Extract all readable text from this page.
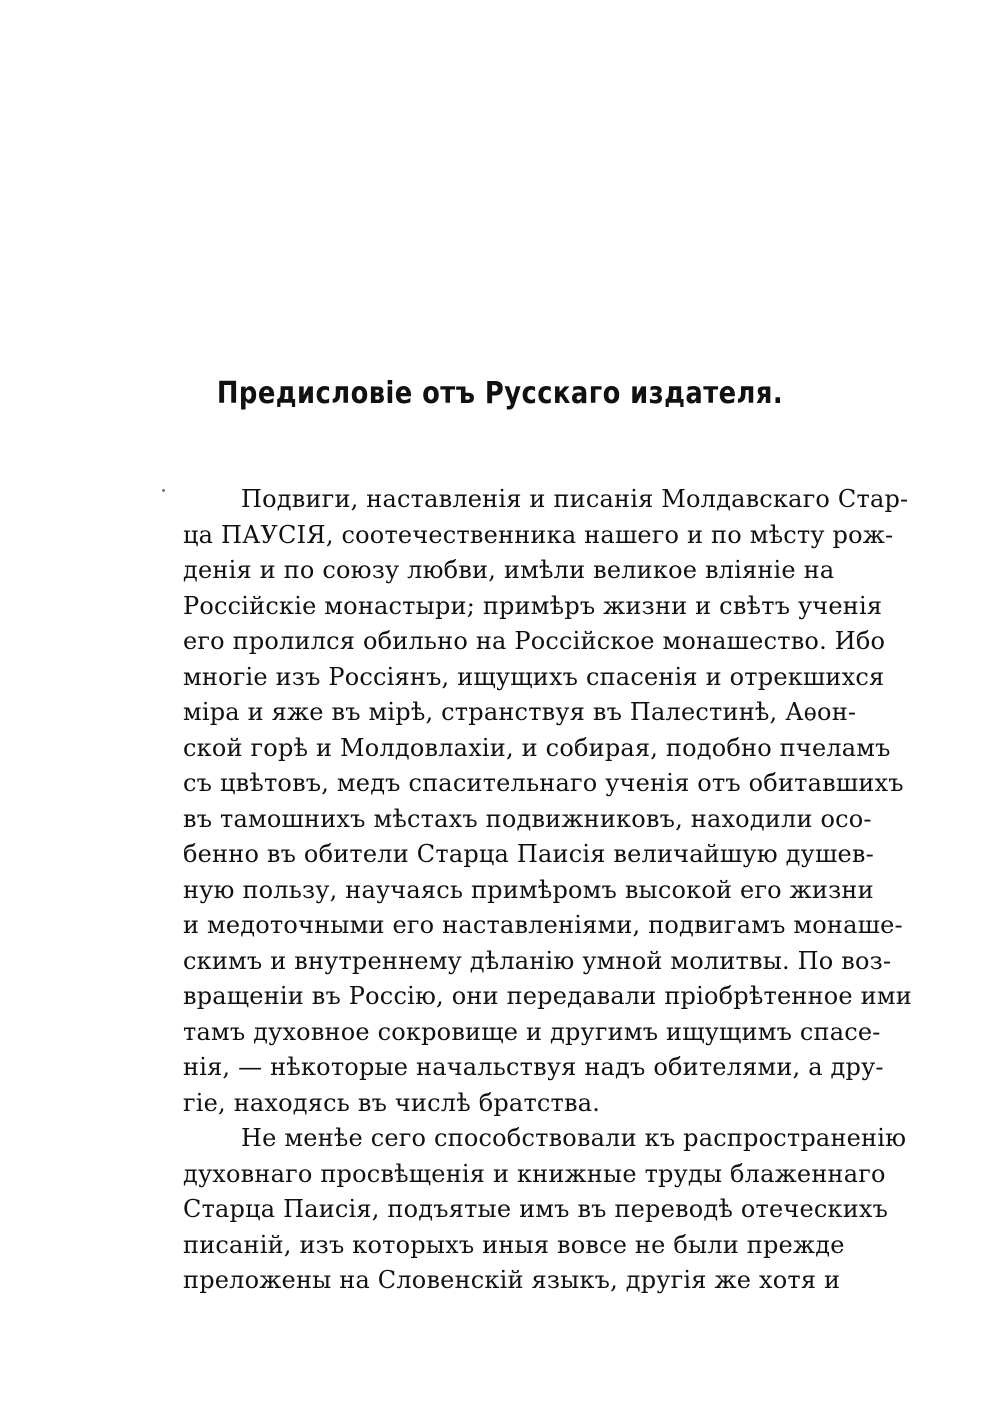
Предисловіе отъ Русскаго издателя.
Подвиги, наставленія и писанія Молдавскаго Стар-
ца ПАУСІЯ, соотечественника нашего и по мѣсту рож-
денія и по союзу любви, имѣли великое вліяніе на
Россійскіе монастыри; примѣръ жизни и свѣтъ ученія
его пролился обильно на Россійское монашество. Ибо
многіе изъ Россіянъ, ищущихъ спасенія и отрекшихся
міра и яже въ мірѣ, странствуя въ Палестинѣ, Аѳон-
ской горѣ и Молдовлахіи, и собирая, подобно пчеламъ
съ цвѣтовъ, медъ спасительнаго ученія отъ обитавшихъ
въ тамошнихъ мѣстахъ подвижниковъ, находили осо-
бенно въ обители Старца Паисія величайшую душев-
ную пользу, научаясь примѣромъ высокой его жизни
и медоточными его наставленіями, подвигамъ монаше-
скимъ и внутреннему дѣланію умной молитвы. По воз-
вращеніи въ Россію, они передавали пріобрѣтенное ими
тамъ духовное сокровище и другимъ ищущимъ спасе-
нія, — нѣкоторые начальствуя надъ обителями, а дру-
гіе, находясь въ числѣ братства.
Не менѣе сего способствовали къ распространенію
духовнаго просвѣщенія и книжные труды блаженнаго
Старца Паисія, подъятые имъ въ переводѣ отеческихъ
писаній, изъ которыхъ иныя вовсе не были прежде
преложены на Словенскій языкъ, другія же хотя и
